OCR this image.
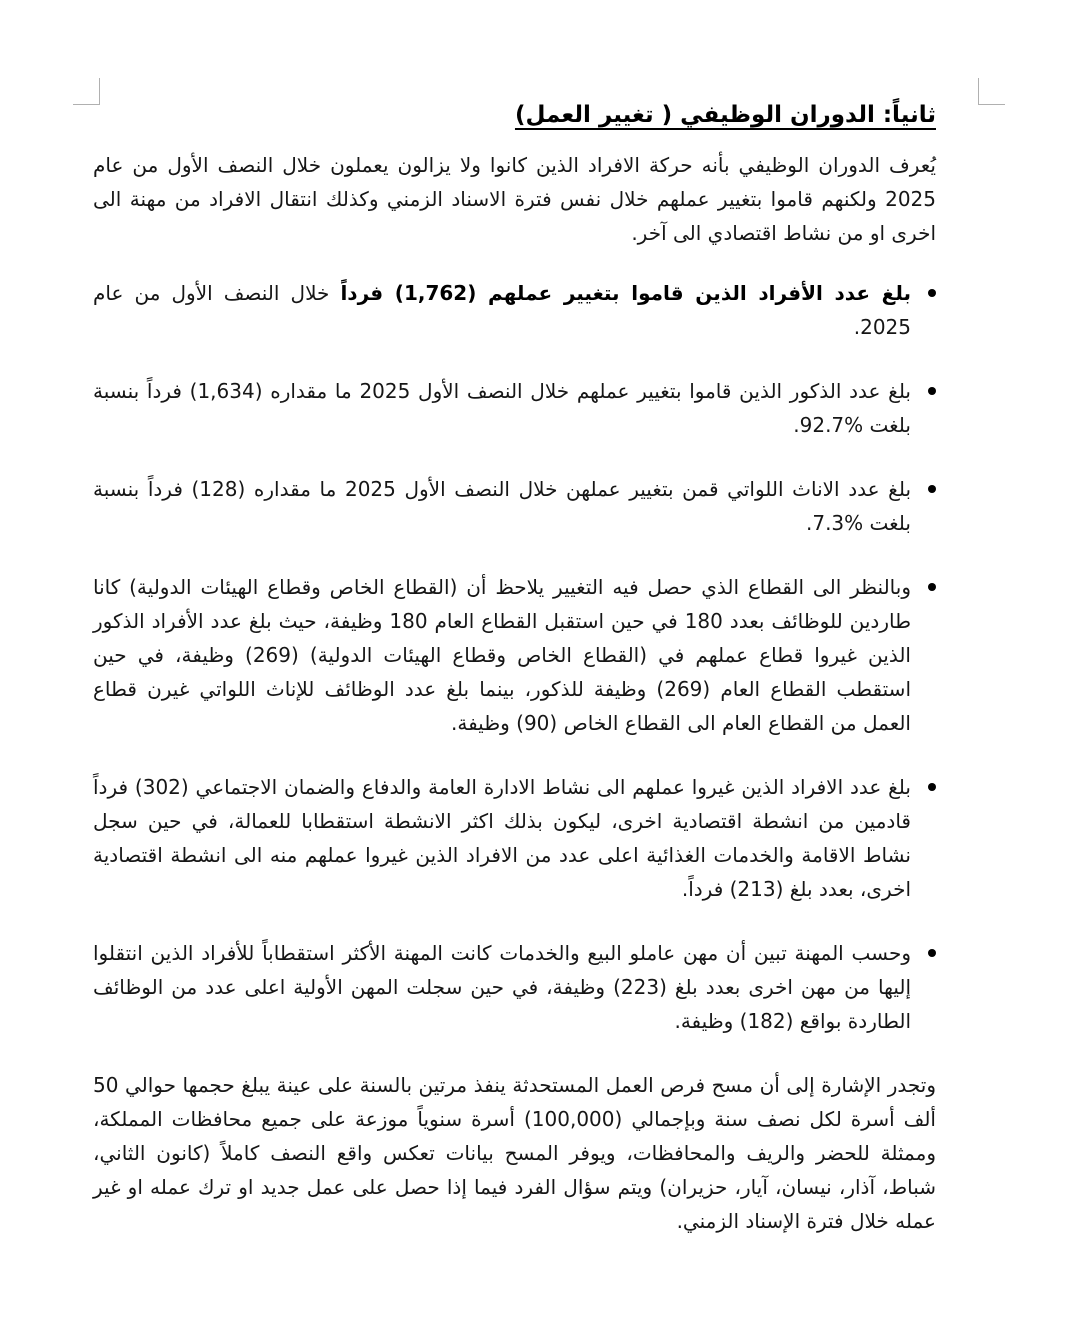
ثانياً: الدوران الوظيفي ( تغيير العمل)

يُعرف الدوران الوظيفي بأنه حركة الافراد الذين كانوا ولا يزالون يعملون خلال النصف الأول من عام 2025 ولكنهم قاموا بتغيير عملهم خلال نفس فترة الاسناد الزمني وكذلك انتقال الافراد من مهنة الى اخرى او من نشاط اقتصادي الى آخر.

بلغ عدد الأفراد الذين قاموا بتغيير عملهم (1,762) فرداً خلال النصف الأول من عام 2025.
بلغ عدد الذكور الذين قاموا بتغيير عملهم خلال النصف الأول 2025 ما مقداره (1,634) فرداً بنسبة بلغت %92.7.
بلغ عدد الاناث اللواتي قمن بتغيير عملهن خلال النصف الأول 2025 ما مقداره (128) فرداً بنسبة بلغت %7.3.
وبالنظر الى القطاع الذي حصل فيه التغيير يلاحظ أن (القطاع الخاص وقطاع الهيئات الدولية) كانا طاردين للوظائف بعدد 180 في حين استقبل القطاع العام 180 وظيفة، حيث بلغ عدد الأفراد الذكور الذين غيروا قطاع عملهم في (القطاع الخاص وقطاع الهيئات الدولية) (269) وظيفة، في حين استقطب القطاع العام (269) وظيفة للذكور، بينما بلغ عدد الوظائف للإناث اللواتي غيرن قطاع العمل من القطاع العام الى القطاع الخاص (90) وظيفة.
بلغ عدد الافراد الذين غيروا عملهم الى نشاط الادارة العامة والدفاع والضمان الاجتماعي (302) فرداً قادمين من انشطة اقتصادية اخرى، ليكون بذلك اكثر الانشطة استقطابا للعمالة، في حين سجل نشاط الاقامة والخدمات الغذائية اعلى عدد من الافراد الذين غيروا عملهم منه الى انشطة اقتصادية اخرى، بعدد بلغ (213) فرداً.
وحسب المهنة تبين أن مهن عاملو البيع والخدمات كانت المهنة الأكثر استقطاباً للأفراد الذين انتقلوا إليها من مهن اخرى بعدد بلغ (223) وظيفة، في حين سجلت المهن الأولية اعلى عدد من الوظائف الطاردة بواقع (182) وظيفة.

وتجدر الإشارة إلى أن مسح فرص العمل المستحدثة ينفذ مرتين بالسنة على عينة يبلغ حجمها حوالي 50 ألف أسرة لكل نصف سنة وبإجمالي (100,000) أسرة سنوياً موزعة على جميع محافظات المملكة، وممثلة للحضر والريف والمحافظات، ويوفر المسح بيانات تعكس واقع النصف كاملاً (كانون الثاني، شباط، آذار، نيسان، آيار، حزيران) ويتم سؤال الفرد فيما إذا حصل على عمل جديد او ترك عمله او غير عمله خلال فترة الإسناد الزمني.
